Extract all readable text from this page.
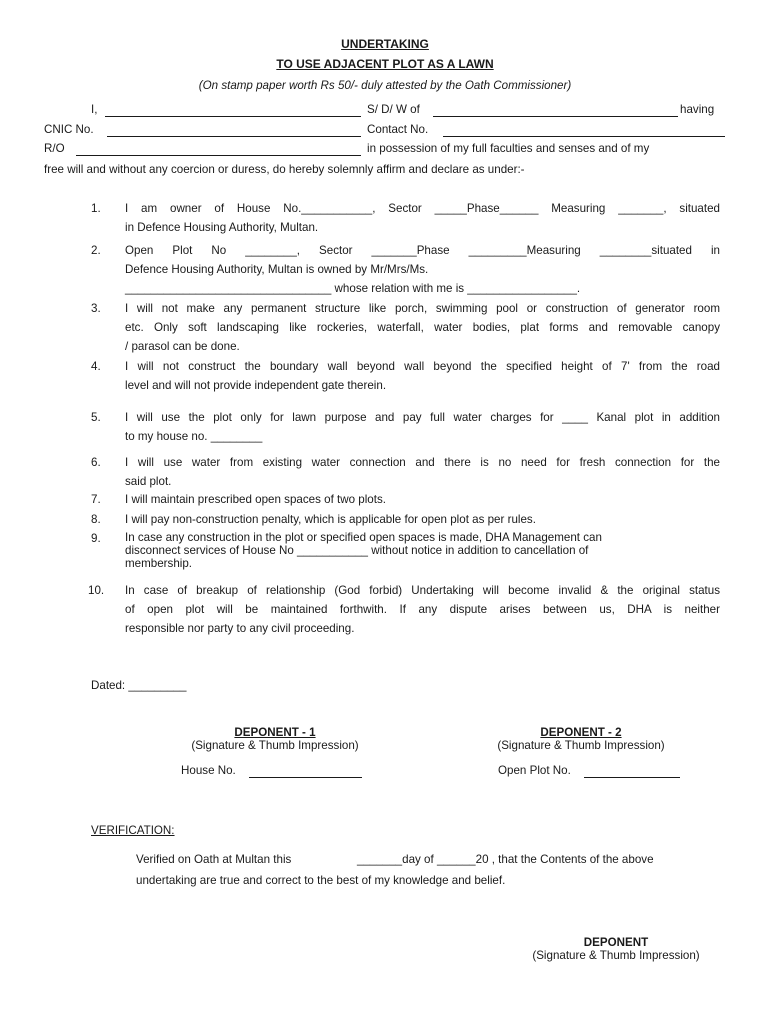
UNDERTAKING
TO USE ADJACENT PLOT AS A LAWN
(On stamp paper worth Rs 50/- duly attested by the Oath Commissioner)
I,	S/ D/ W of	having
CNIC No.	Contact No.
R/O	in possession of my full faculties and senses and of my
free will and without any coercion or duress, do hereby solemnly affirm and declare as under:-
1. I am owner of House No.___________, Sector _____Phase______ Measuring _______, situated
in Defence Housing Authority, Multan.
2. Open Plot No ________, Sector _______Phase _________Measuring ________situated in
Defence Housing Authority, Multan is owned by Mr/Mrs/Ms.
________________________________ whose relation with me is _________________.
3. I will not make any permanent structure like porch, swimming pool or construction of generator room
etc. Only soft landscaping like rockeries, waterfall, water bodies, plat forms and removable canopy
/ parasol can be done.
4. I will not construct the boundary wall beyond wall beyond the specified height of 7' from the road
level and will not provide independent gate therein.
5. I will use the plot only for lawn purpose and pay full water charges for ____ Kanal plot in addition
to my house no. ________
6. I will use water from existing water connection and there is no need for fresh connection for the
said plot.
7. I will maintain prescribed open spaces of two plots.
8. I will pay non-construction penalty, which is applicable for open plot as per rules.
9. In case any construction in the plot or specified open spaces is made, DHA Management can
disconnect services of House No ___________ without notice in addition to cancellation of
membership.
10. In case of breakup of relationship (God forbid) Undertaking will become invalid & the original status
of open plot will be maintained forthwith. If any dispute arises between us, DHA is neither
responsible nor party to any civil proceeding.
Dated: _________
DEPONENT - 1
(Signature & Thumb Impression)
House No.
DEPONENT - 2
(Signature & Thumb Impression)
Open Plot No.
VERIFICATION:
Verified on Oath at Multan this	_______day of ______20 , that the Contents of the above
undertaking are true and correct to the best of my knowledge and belief.
DEPONENT
(Signature & Thumb Impression)
